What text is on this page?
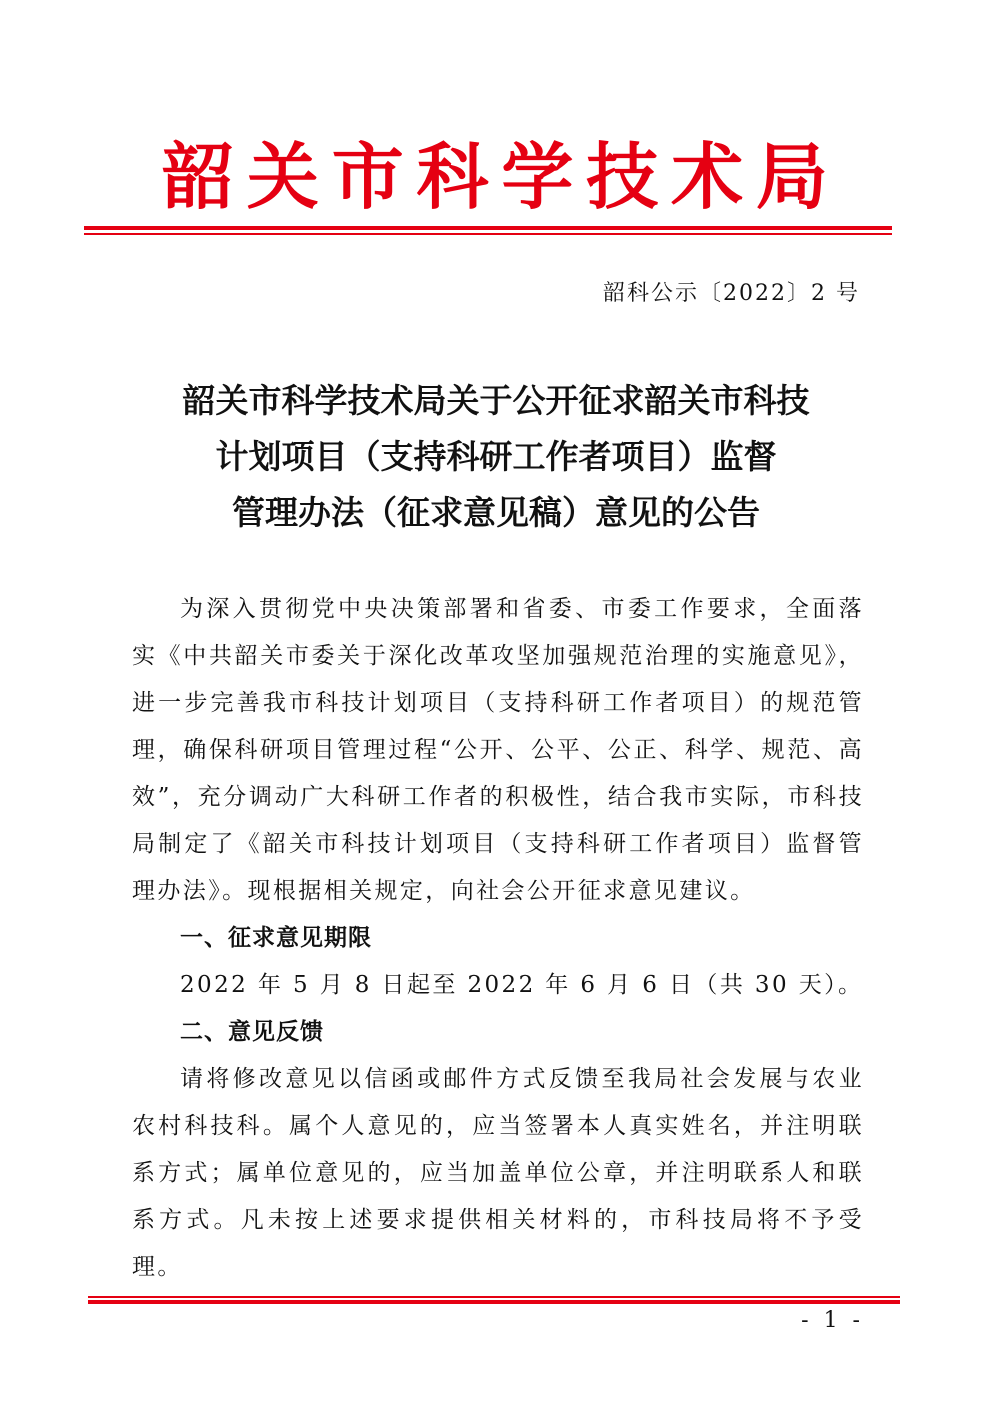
韶 关 市 科 学 技 术 局
韶科公示〔2022〕2 号
韶关市科学技术局关于公开征求韶关市科技
计划项目（支持科研工作者项目）监督
管理办法（征求意见稿）意见的公告

为深入贯彻党中央决策部署和省委、市委工作要求，全面落实《中共韶关市委关于深化改革攻坚加强规范治理的实施意见》，进一步完善我市科技计划项目（支持科研工作者项目）的规范管理，确保科研项目管理过程“公开、公平、公正、科学、规范、高效”，充分调动广大科研工作者的积极性，结合我市实际，市科技局制定了《韶关市科技计划项目（支持科研工作者项目）监督管理办法》。现根据相关规定，向社会公开征求意见建议。

一、征求意见期限

2022 年 5 月 8 日起至 2022 年 6 月 6 日（共 30 天）。

二、意见反馈

请将修改意见以信函或邮件方式反馈至我局社会发展与农业农村科技科。属个人意见的，应当签署本人真实姓名，并注明联系方式；属单位意见的，应当加盖单位公章，并注明联系人和联系方式。凡未按上述要求提供相关材料的，市科技局将不予受理。

- 1 -
